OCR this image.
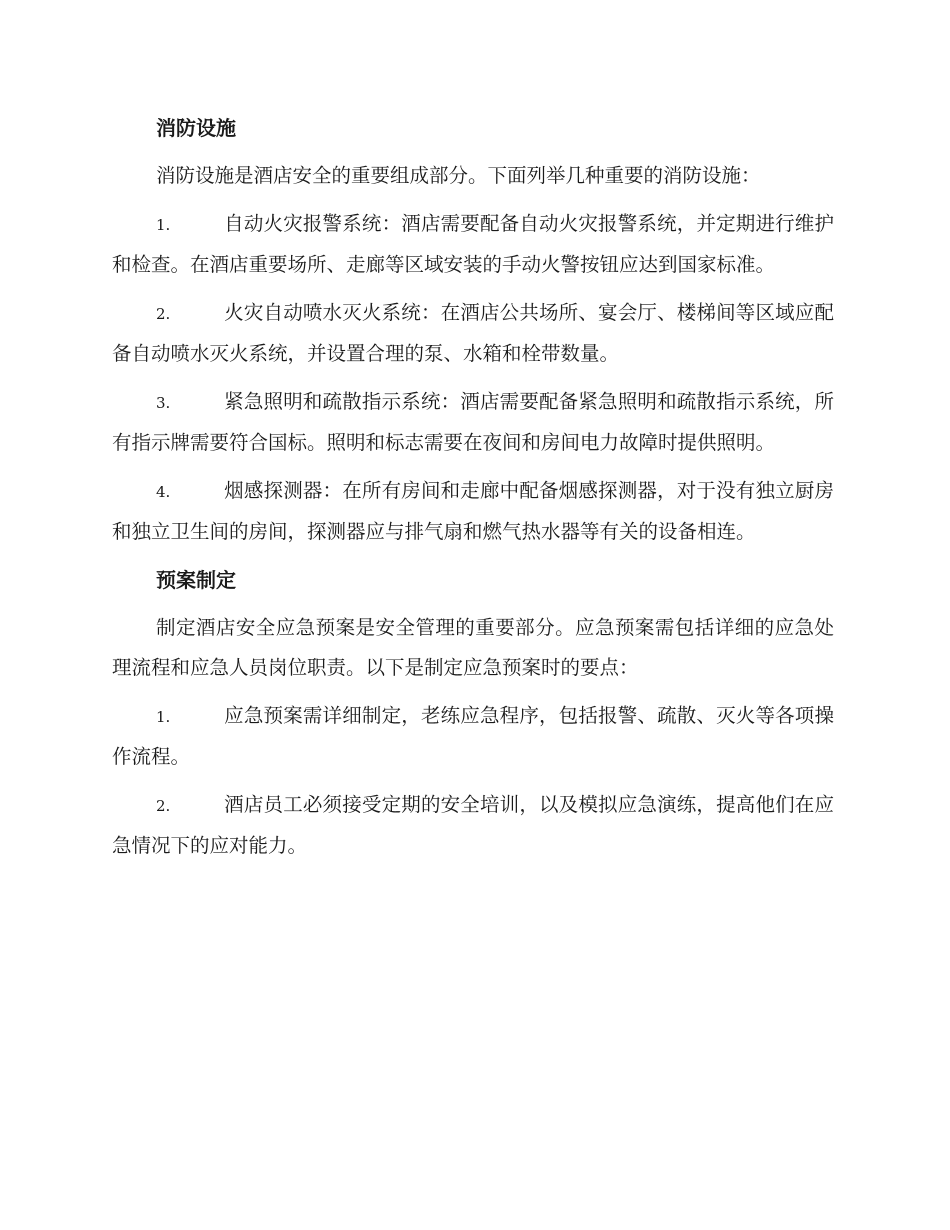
消防设施

消防设施是酒店安全的重要组成部分。下面列举几种重要的消防设施：

1.	自动火灾报警系统：酒店需要配备自动火灾报警系统，并定期进行维护和检查。在酒店重要场所、走廊等区域安装的手动火警按钮应达到国家标准。

2.	火灾自动喷水灭火系统：在酒店公共场所、宴会厅、楼梯间等区域应配备自动喷水灭火系统，并设置合理的泵、水箱和栓带数量。

3.	紧急照明和疏散指示系统：酒店需要配备紧急照明和疏散指示系统，所有指示牌需要符合国标。照明和标志需要在夜间和房间电力故障时提供照明。

4.	烟感探测器：在所有房间和走廊中配备烟感探测器，对于没有独立厨房和独立卫生间的房间，探测器应与排气扇和燃气热水器等有关的设备相连。

预案制定

制定酒店安全应急预案是安全管理的重要部分。应急预案需包括详细的应急处理流程和应急人员岗位职责。以下是制定应急预案时的要点：

1.	应急预案需详细制定，老练应急程序，包括报警、疏散、灭火等各项操作流程。

2.	酒店员工必须接受定期的安全培训，以及模拟应急演练，提高他们在应急情况下的应对能力。
